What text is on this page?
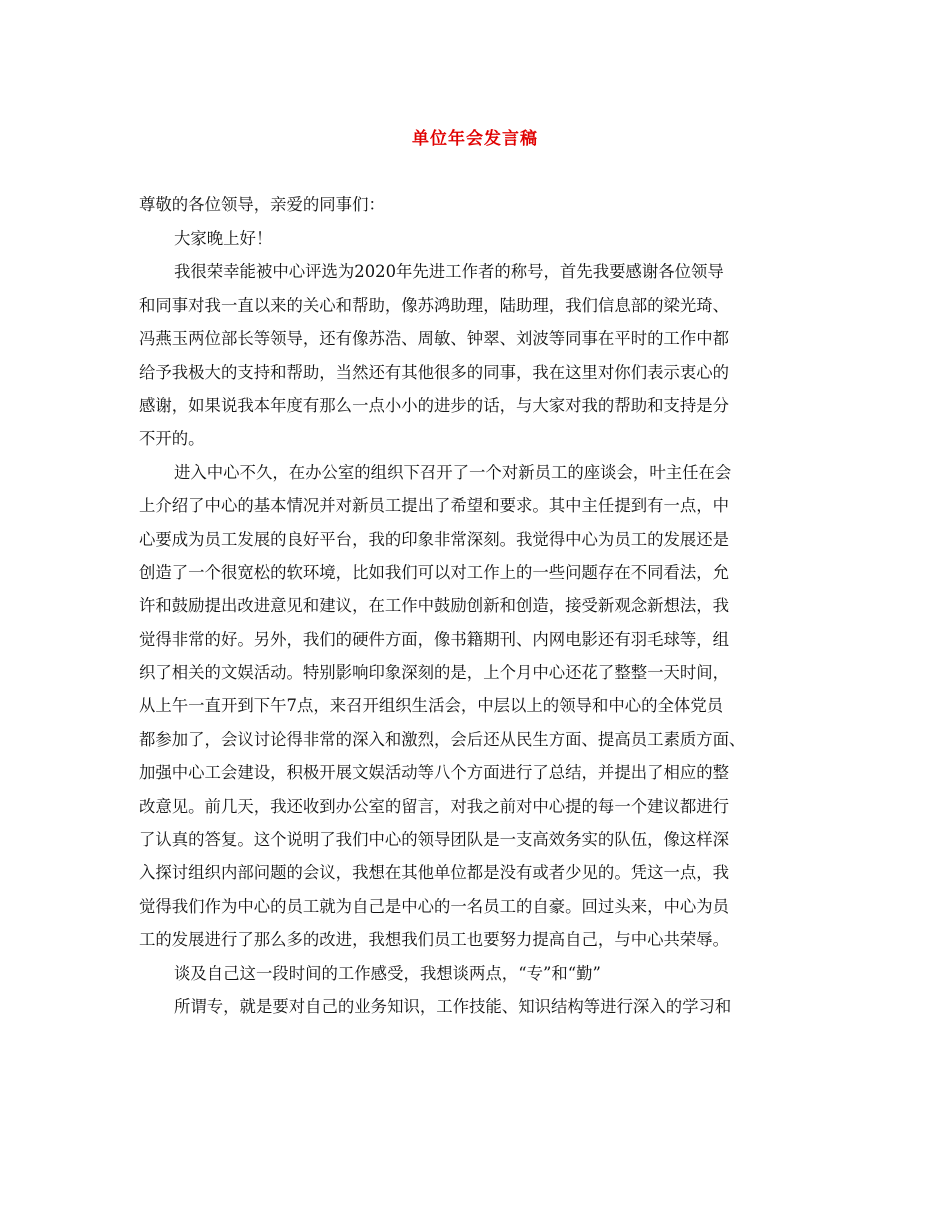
单位年会发言稿

尊敬的各位领导，亲爱的同事们：

大家晚上好！

我很荣幸能被中心评选为2020年先进工作者的称号，首先我要感谢各位领导
和同事对我一直以来的关心和帮助，像苏鸿助理，陆助理，我们信息部的梁光琦、
冯燕玉两位部长等领导，还有像苏浩、周敏、钟翠、刘波等同事在平时的工作中都
给予我极大的支持和帮助，当然还有其他很多的同事，我在这里对你们表示衷心的
感谢，如果说我本年度有那么一点小小的进步的话，与大家对我的帮助和支持是分
不开的。

进入中心不久，在办公室的组织下召开了一个对新员工的座谈会，叶主任在会
上介绍了中心的基本情况并对新员工提出了希望和要求。其中主任提到有一点，中
心要成为员工发展的良好平台，我的印象非常深刻。我觉得中心为员工的发展还是
创造了一个很宽松的软环境，比如我们可以对工作上的一些问题存在不同看法，允
许和鼓励提出改进意见和建议，在工作中鼓励创新和创造，接受新观念新想法，我
觉得非常的好。另外，我们的硬件方面，像书籍期刊、内网电影还有羽毛球等，组
织了相关的文娱活动。特别影响印象深刻的是，上个月中心还花了整整一天时间，
从上午一直开到下午7点，来召开组织生活会，中层以上的领导和中心的全体党员
都参加了，会议讨论得非常的深入和激烈，会后还从民生方面、提高员工素质方面、
加强中心工会建设，积极开展文娱活动等八个方面进行了总结，并提出了相应的整
改意见。前几天，我还收到办公室的留言，对我之前对中心提的每一个建议都进行
了认真的答复。这个说明了我们中心的领导团队是一支高效务实的队伍，像这样深
入探讨组织内部问题的会议，我想在其他单位都是没有或者少见的。凭这一点，我
觉得我们作为中心的员工就为自己是中心的一名员工的自豪。回过头来，中心为员
工的发展进行了那么多的改进，我想我们员工也要努力提高自己，与中心共荣辱。

谈及自己这一段时间的工作感受，我想谈两点，“专”和“勤”

所谓专，就是要对自己的业务知识，工作技能、知识结构等进行深入的学习和
